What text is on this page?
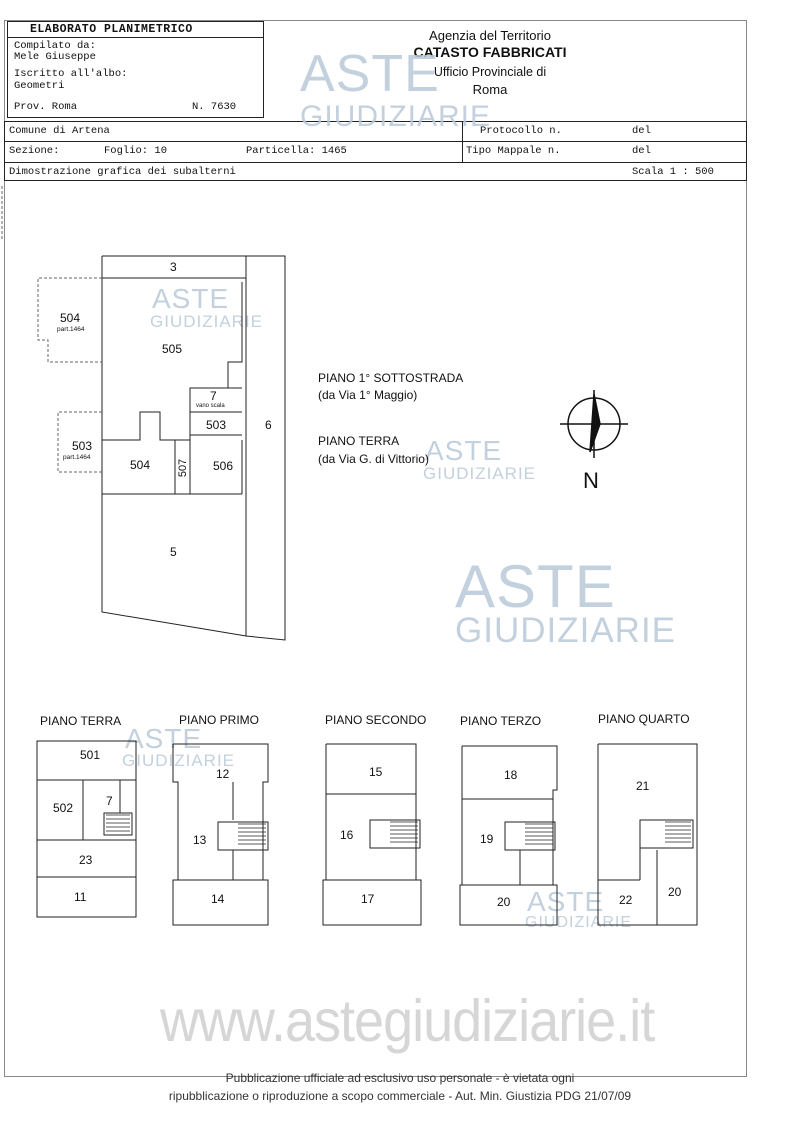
ELABORATO PLANIMETRICO
Compilato da:
Mele Giuseppe
Iscritto all'albo:
Geometri
Prov. Roma	N. 7630
Agenzia del Territorio
CATASTO FABBRICATI
Ufficio Provinciale di
Roma
Comune di Artena
Sezione:	Foglio: 10	Particella: 1465
Protocollo n.	del
Tipo Mappale n.	del
Dimostrazione grafica dei subalterni	Scala 1 : 500
ASTE
GIUDIZIARIE
ASTE
GIUDIZIARIE
ASTE
GIUDIZIARIE
ASTE
GIUDIZIARIE
ASTE
GIUDIZIARIE
ASTE
GIUDIZIARIE
3
504
part.1464
505
7
vano scala
503	6
503
part.1464
504 507 506
5
PIANO 1° SOTTOSTRADA
(da Via 1° Maggio)
PIANO TERRA
(da Via G. di Vittorio)
N
PIANO TERRA	PIANO PRIMO	PIANO SECONDO	PIANO TERZO	PIANO QUARTO
501
502	7
23
11
12
13
14
15
16
17
18
19
20
21
22
20
www.astegiudiziarie.it
Pubblicazione ufficiale ad esclusivo uso personale - è vietata ogni
ripubblicazione o riproduzione a scopo commerciale - Aut. Min. Giustizia PDG 21/07/09
